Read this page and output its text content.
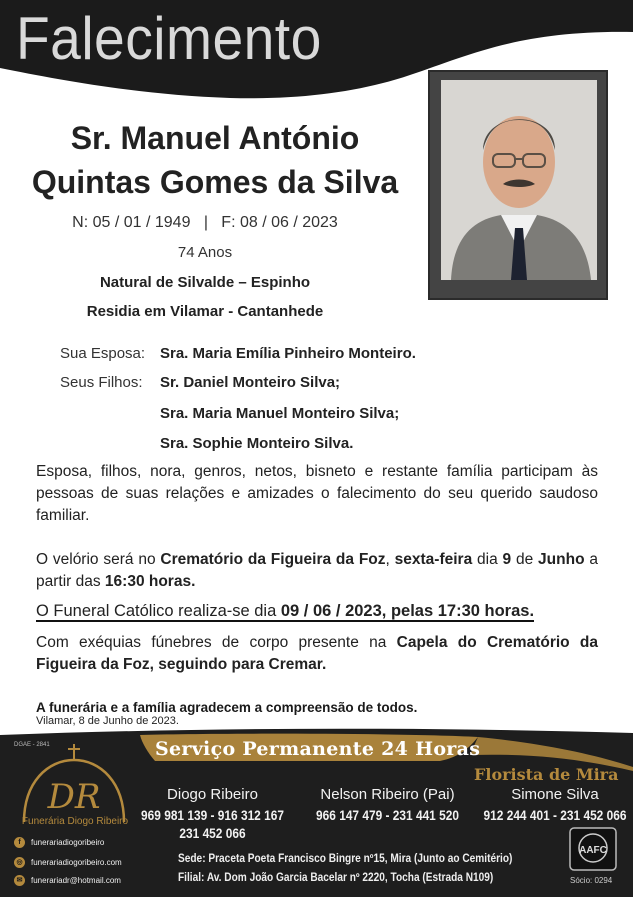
Falecimento
Sr. Manuel António
Quintas Gomes da Silva
N: 05 / 01 / 1949   |   F: 08 / 06 / 2023
74 Anos
Natural de Silvalde – Espinho
Residia em Vilamar - Cantanhede
Sua Esposa: Sra. Maria Emília Pinheiro Monteiro.
Seus Filhos: Sr. Daniel Monteiro Silva;
Sra. Maria Manuel Monteiro Silva;
Sra. Sophie Monteiro Silva.
Esposa, filhos, nora, genros, netos, bisneto e restante família participam às pessoas de suas relações e amizades o falecimento do seu querido saudoso familiar.
O velório será no Crematório da Figueira da Foz, sexta-feira dia 9 de Junho a partir das 16:30 horas.
O Funeral Católico realiza-se dia 09 / 06 / 2023, pelas 17:30 horas.
Com exéquias fúnebres de corpo presente na Capela do Crematório da Figueira da Foz, seguindo para Cremar.
A funerária e a família agradecem a compreensão de todos.
Vilamar, 8 de Junho de 2023.
DGAE - 2841	Serviço Permanente 24 Horas
DR
Funerária Diogo Ribeiro
f	funerariadiogoribeiro
◎	funerariadiogoribeiro.com
✉	funerariadr@hotmail.com
Diogo Ribeiro
969 981 139 - 916 312 167
231 452 066
Nelson Ribeiro (Pai)
966 147 479 - 231 441 520
Florista de Mira
Simone Silva
912 244 401 - 231 452 066
Sede: Praceta Poeta Francisco Bingre nº15, Mira (Junto ao Cemitério)
Filial: Av. Dom João Garcia Bacelar nº 2220, Tocha (Estrada N109)
AAFC
Sócio: 0294
